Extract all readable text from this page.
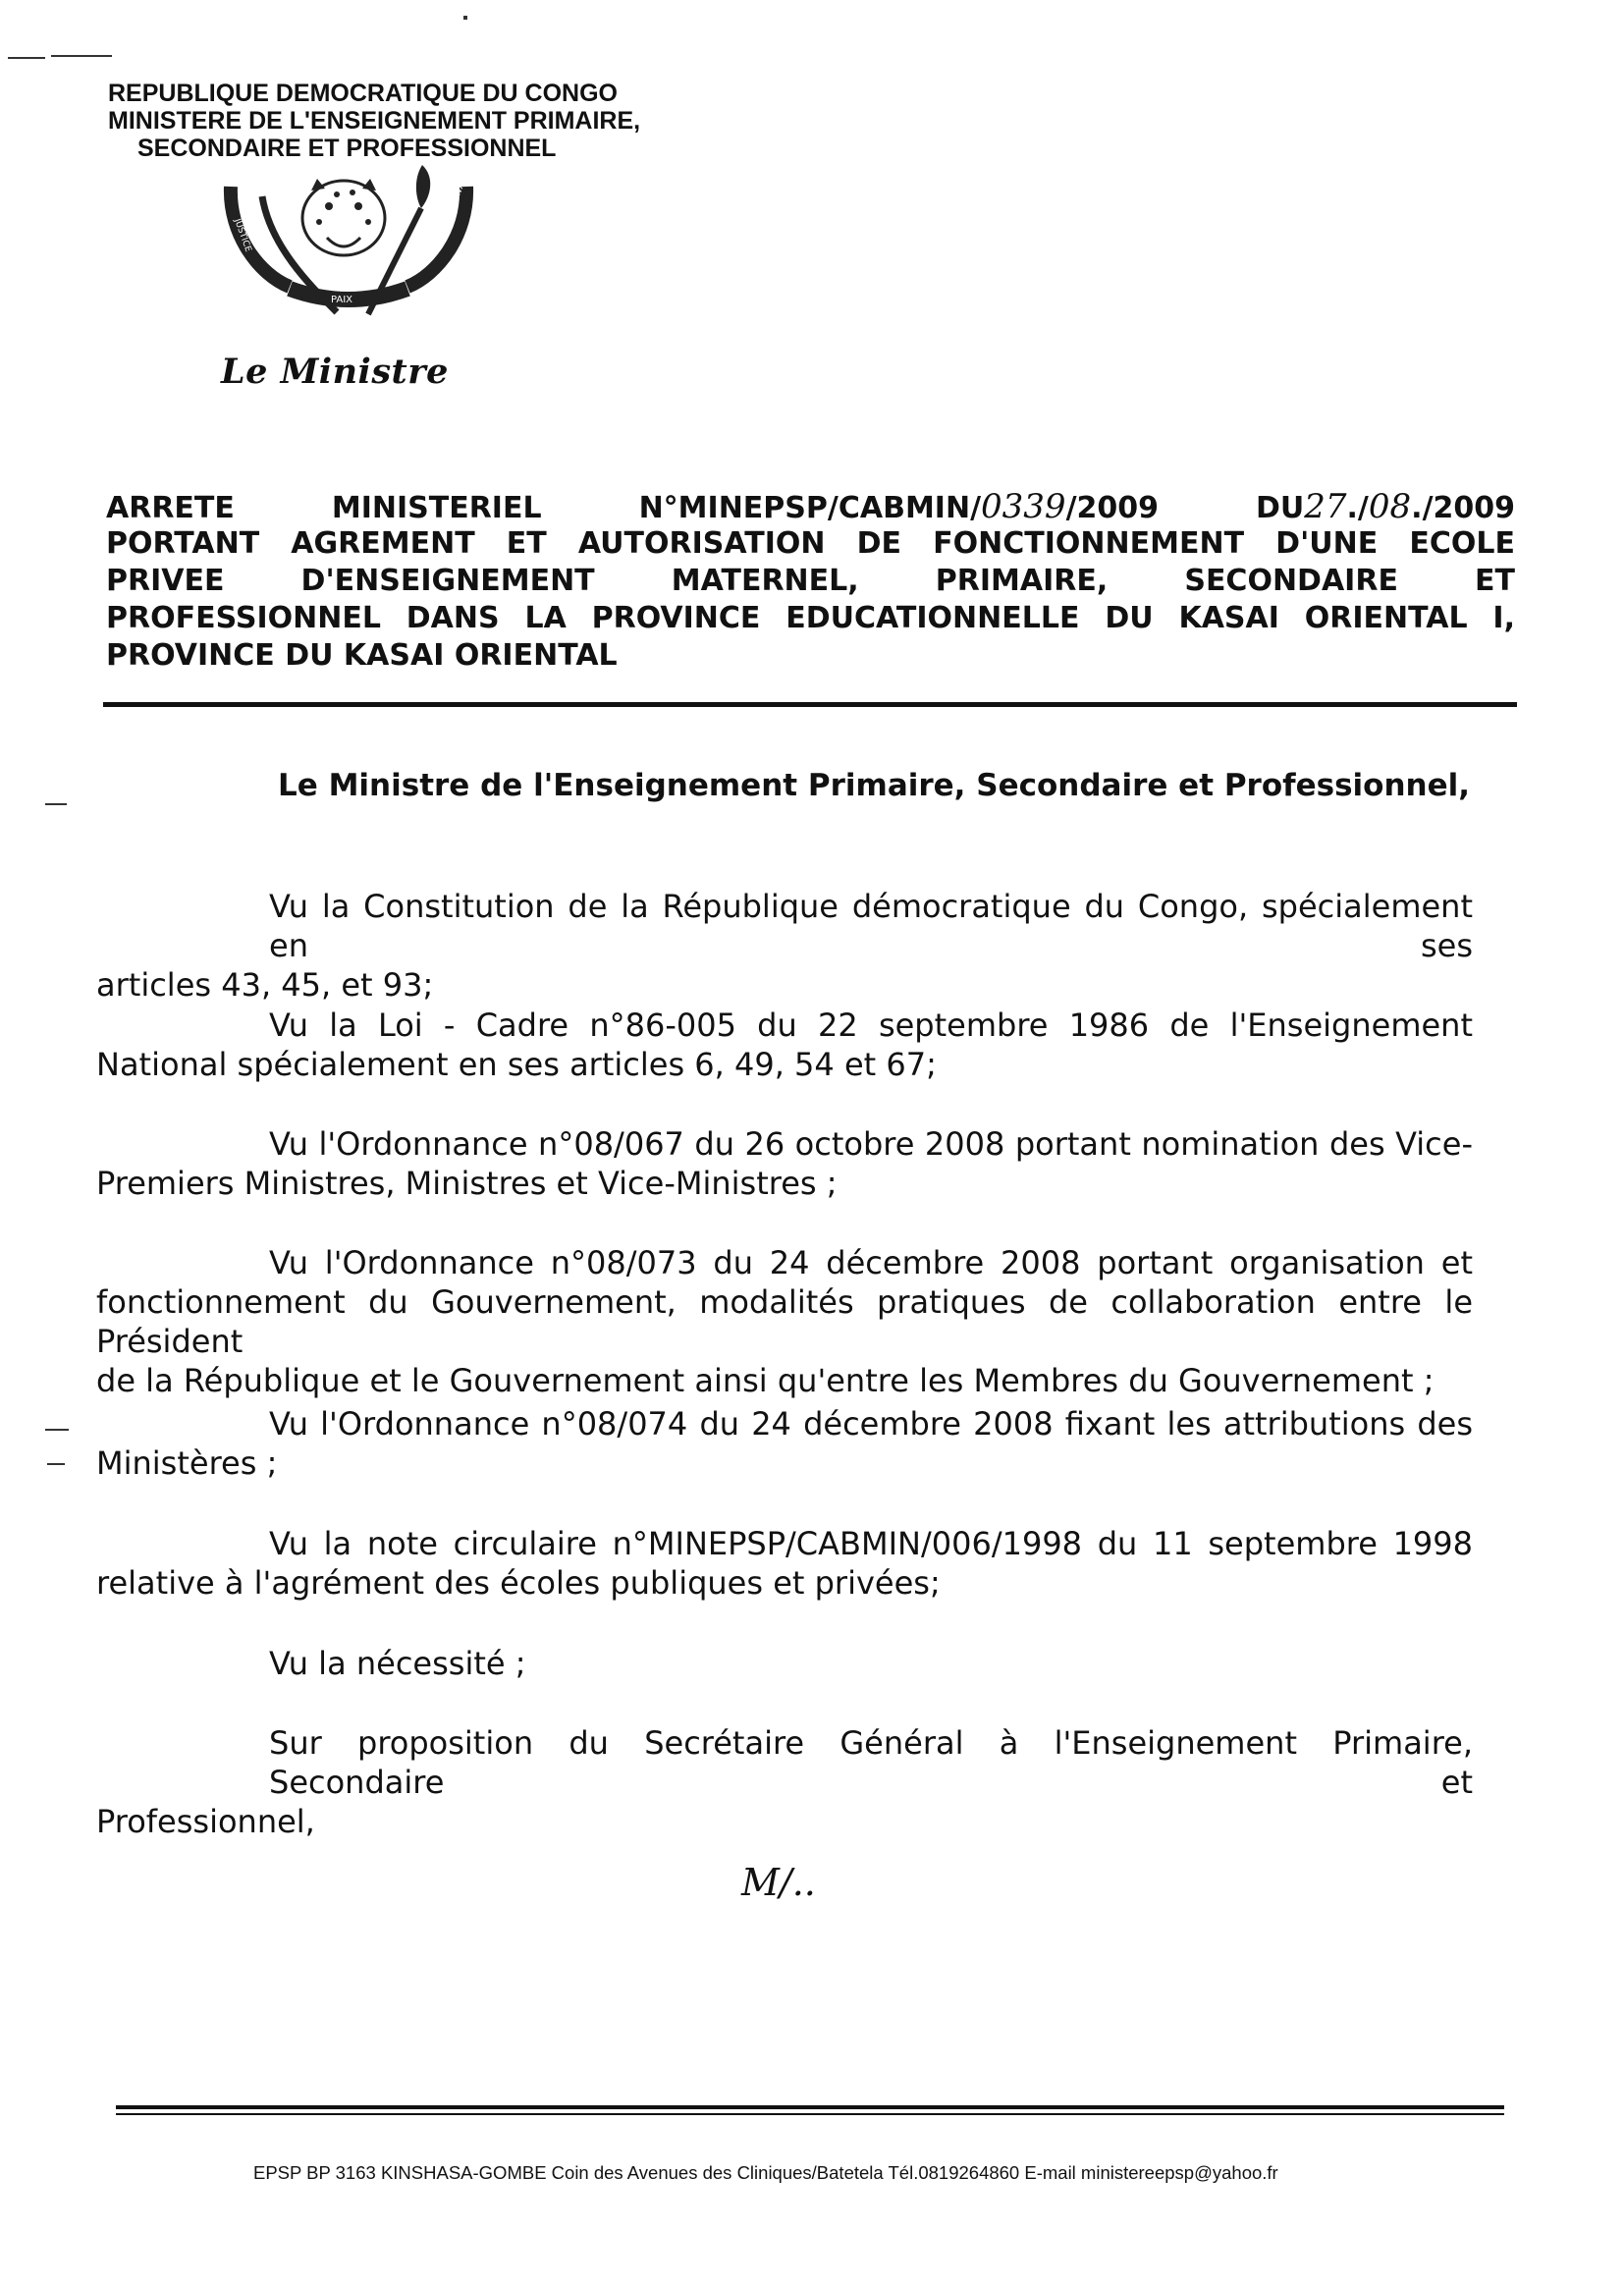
REPUBLIQUE DEMOCRATIQUE DU CONGO
MINISTERE DE L'ENSEIGNEMENT PRIMAIRE,
SECONDAIRE ET PROFESSIONNEL
JUSTICE
TRAVAIL
PAIX
Le Ministre
ARRETE	MINISTERIEL	N°MINEPSP/CABMIN/0339/2009	DU27./08./2009
PORTANT AGREMENT ET AUTORISATION DE FONCTIONNEMENT D'UNE ECOLE
PRIVEE D'ENSEIGNEMENT MATERNEL, PRIMAIRE, SECONDAIRE ET
PROFESSIONNEL DANS LA PROVINCE EDUCATIONNELLE DU KASAI ORIENTAL I,
PROVINCE DU KASAI ORIENTAL
Le Ministre de l'Enseignement Primaire, Secondaire et Professionnel,
Vu la Constitution de la République démocratique du Congo, spécialement en ses
articles 43, 45, et 93;
Vu la Loi - Cadre n°86-005 du 22 septembre 1986 de l'Enseignement
National spécialement en ses articles 6, 49, 54 et 67;
Vu l'Ordonnance n°08/067 du 26 octobre 2008 portant nomination des Vice-
Premiers Ministres, Ministres et Vice-Ministres ;
Vu l'Ordonnance n°08/073 du 24 décembre 2008 portant organisation et
fonctionnement du Gouvernement, modalités pratiques de collaboration entre le Président
de la République et le Gouvernement ainsi qu'entre les Membres du Gouvernement ;
Vu l'Ordonnance n°08/074 du 24 décembre 2008 fixant les attributions des
Ministères ;
Vu la note circulaire n°MINEPSP/CABMIN/006/1998 du 11 septembre 1998
relative à l'agrément des écoles publiques et privées;
Vu la nécessité ;
Sur proposition du Secrétaire Général à l'Enseignement Primaire, Secondaire et
Professionnel,
M/..
EPSP BP 3163 KINSHASA-GOMBE Coin des Avenues des Cliniques/Batetela Tél.0819264860 E-mail ministereepsp@yahoo.fr
